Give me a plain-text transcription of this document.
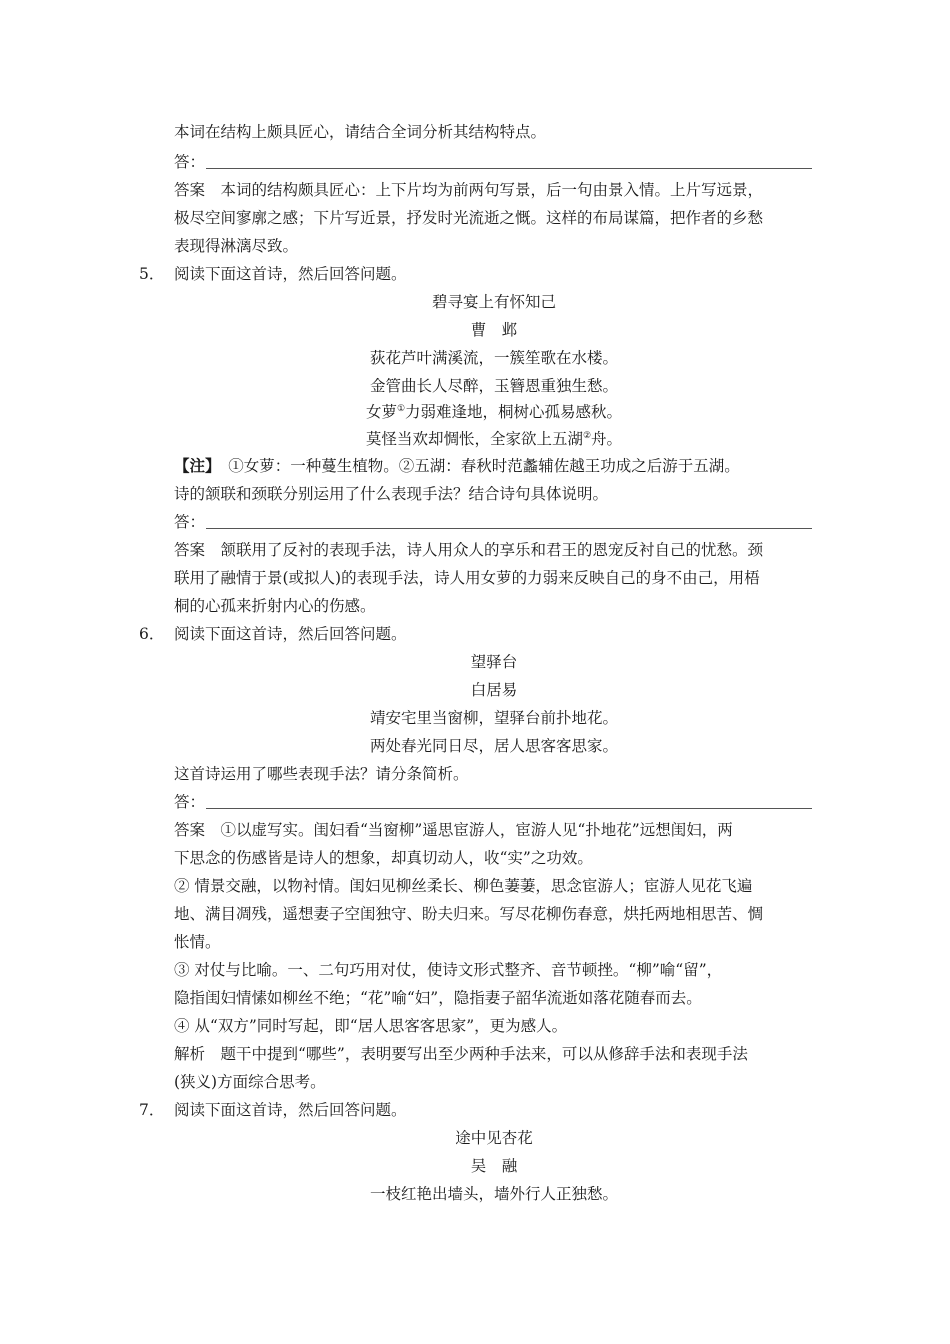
本词在结构上颇具匠心，请结合全词分析其结构特点。
答：
答案　本词的结构颇具匠心：上下片均为前两句写景，后一句由景入情。上片写远景，
极尽空间寥廓之感；下片写近景，抒发时光流逝之慨。这样的布局谋篇，把作者的乡愁
表现得淋漓尽致。
5． 阅读下面这首诗，然后回答问题。
碧寻宴上有怀知己
曹　邺
荻花芦叶满溪流，一簇笙歌在水楼。
金管曲长人尽醉，玉簪恩重独生愁。
女萝①力弱难逢地，桐树心孤易感秋。
莫怪当欢却惆怅，全家欲上五湖②舟。
【注】　①女萝：一种蔓生植物。②五湖：春秋时范蠡辅佐越王功成之后游于五湖。
诗的颔联和颈联分别运用了什么表现手法？结合诗句具体说明。
答：
答案　颔联用了反衬的表现手法，诗人用众人的享乐和君王的恩宠反衬自己的忧愁。颈
联用了融情于景(或拟人)的表现手法，诗人用女萝的力弱来反映自己的身不由己，用梧
桐的心孤来折射内心的伤感。
6． 阅读下面这首诗，然后回答问题。
望驿台
白居易
靖安宅里当窗柳，望驿台前扑地花。
两处春光同日尽，居人思客客思家。
这首诗运用了哪些表现手法？请分条简析。
答：
答案　①以虚写实。闺妇看“当窗柳”遥思宦游人，宦游人见“扑地花”远想闺妇，两
下思念的伤感皆是诗人的想象，却真切动人，收“实”之功效。
② 情景交融，以物衬情。闺妇见柳丝柔长、柳色萋萋，思念宦游人；宦游人见花飞遍
地、满目凋残，遥想妻子空闺独守、盼夫归来。写尽花柳伤春意，烘托两地相思苦、惆
怅情。
③ 对仗与比喻。一、二句巧用对仗，使诗文形式整齐、音节顿挫。“柳”喻“留”，
隐指闺妇情愫如柳丝不绝；“花”喻“妇”，隐指妻子韶华流逝如落花随春而去。
④ 从“双方”同时写起，即“居人思客客思家”，更为感人。
解析　题干中提到“哪些”，表明要写出至少两种手法来，可以从修辞手法和表现手法
(狭义)方面综合思考。
7． 阅读下面这首诗，然后回答问题。
途中见杏花
吴　融
一枝红艳出墙头，墙外行人正独愁。
